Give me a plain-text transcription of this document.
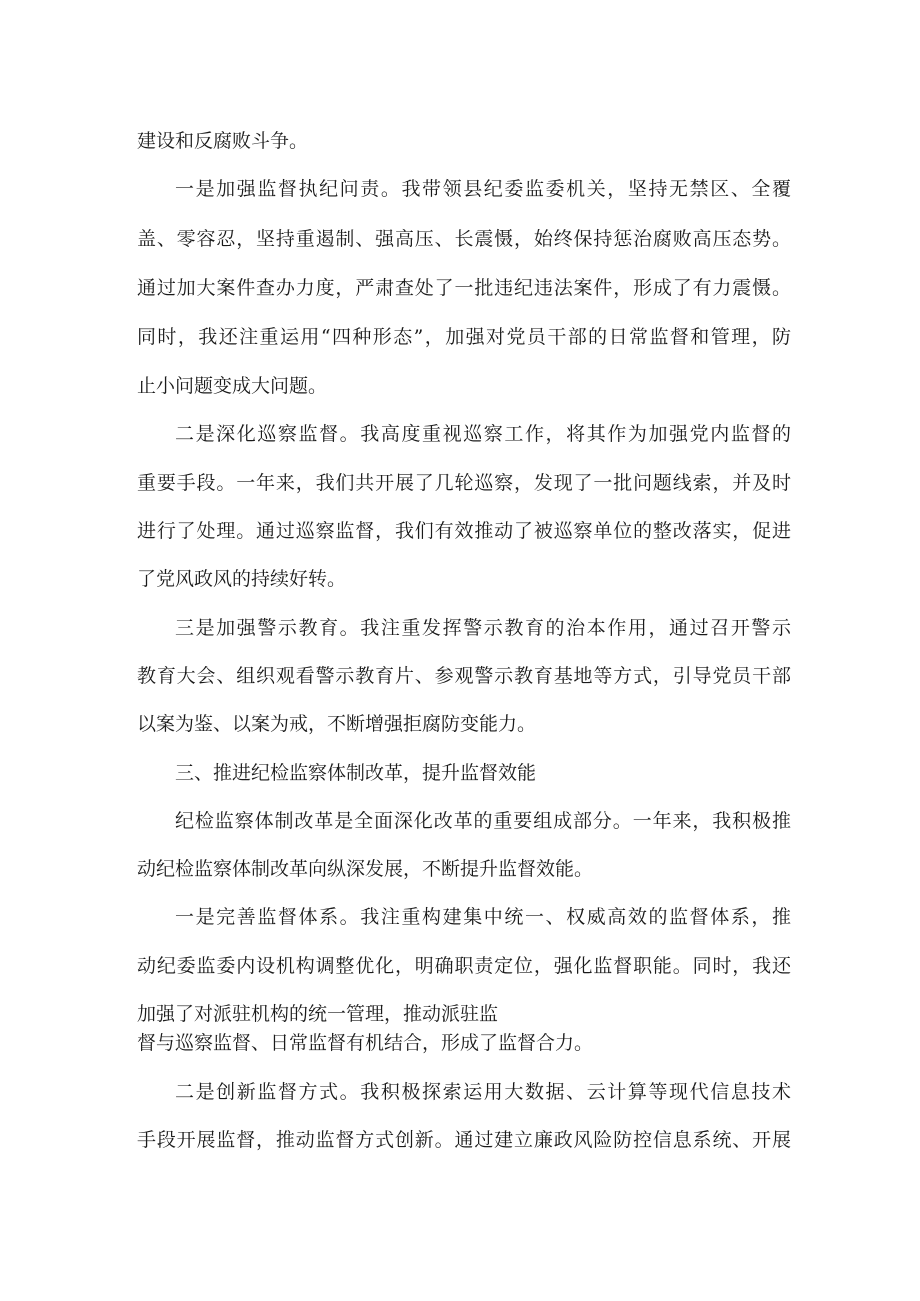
建设和反腐败斗争。
一是加强监督执纪问责。我带领县纪委监委机关，坚持无禁区、全覆
盖、零容忍，坚持重遏制、强高压、长震慑，始终保持惩治腐败高压态势。
通过加大案件查办力度，严肃查处了一批违纪违法案件，形成了有力震慑。
同时，我还注重运用“四种形态”，加强对党员干部的日常监督和管理，防
止小问题变成大问题。
二是深化巡察监督。我高度重视巡察工作，将其作为加强党内监督的
重要手段。一年来，我们共开展了几轮巡察，发现了一批问题线索，并及时
进行了处理。通过巡察监督，我们有效推动了被巡察单位的整改落实，促进
了党风政风的持续好转。
三是加强警示教育。我注重发挥警示教育的治本作用，通过召开警示
教育大会、组织观看警示教育片、参观警示教育基地等方式，引导党员干部
以案为鉴、以案为戒，不断增强拒腐防变能力。
三、推进纪检监察体制改革，提升监督效能
纪检监察体制改革是全面深化改革的重要组成部分。一年来，我积极推
动纪检监察体制改革向纵深发展，不断提升监督效能。
一是完善监督体系。我注重构建集中统一、权威高效的监督体系，推
动纪委监委内设机构调整优化，明确职责定位，强化监督职能。同时，我还
加强了对派驻机构的统一管理，推动派驻监
督与巡察监督、日常监督有机结合，形成了监督合力。
二是创新监督方式。我积极探索运用大数据、云计算等现代信息技术
手段开展监督，推动监督方式创新。通过建立廉政风险防控信息系统、开展
